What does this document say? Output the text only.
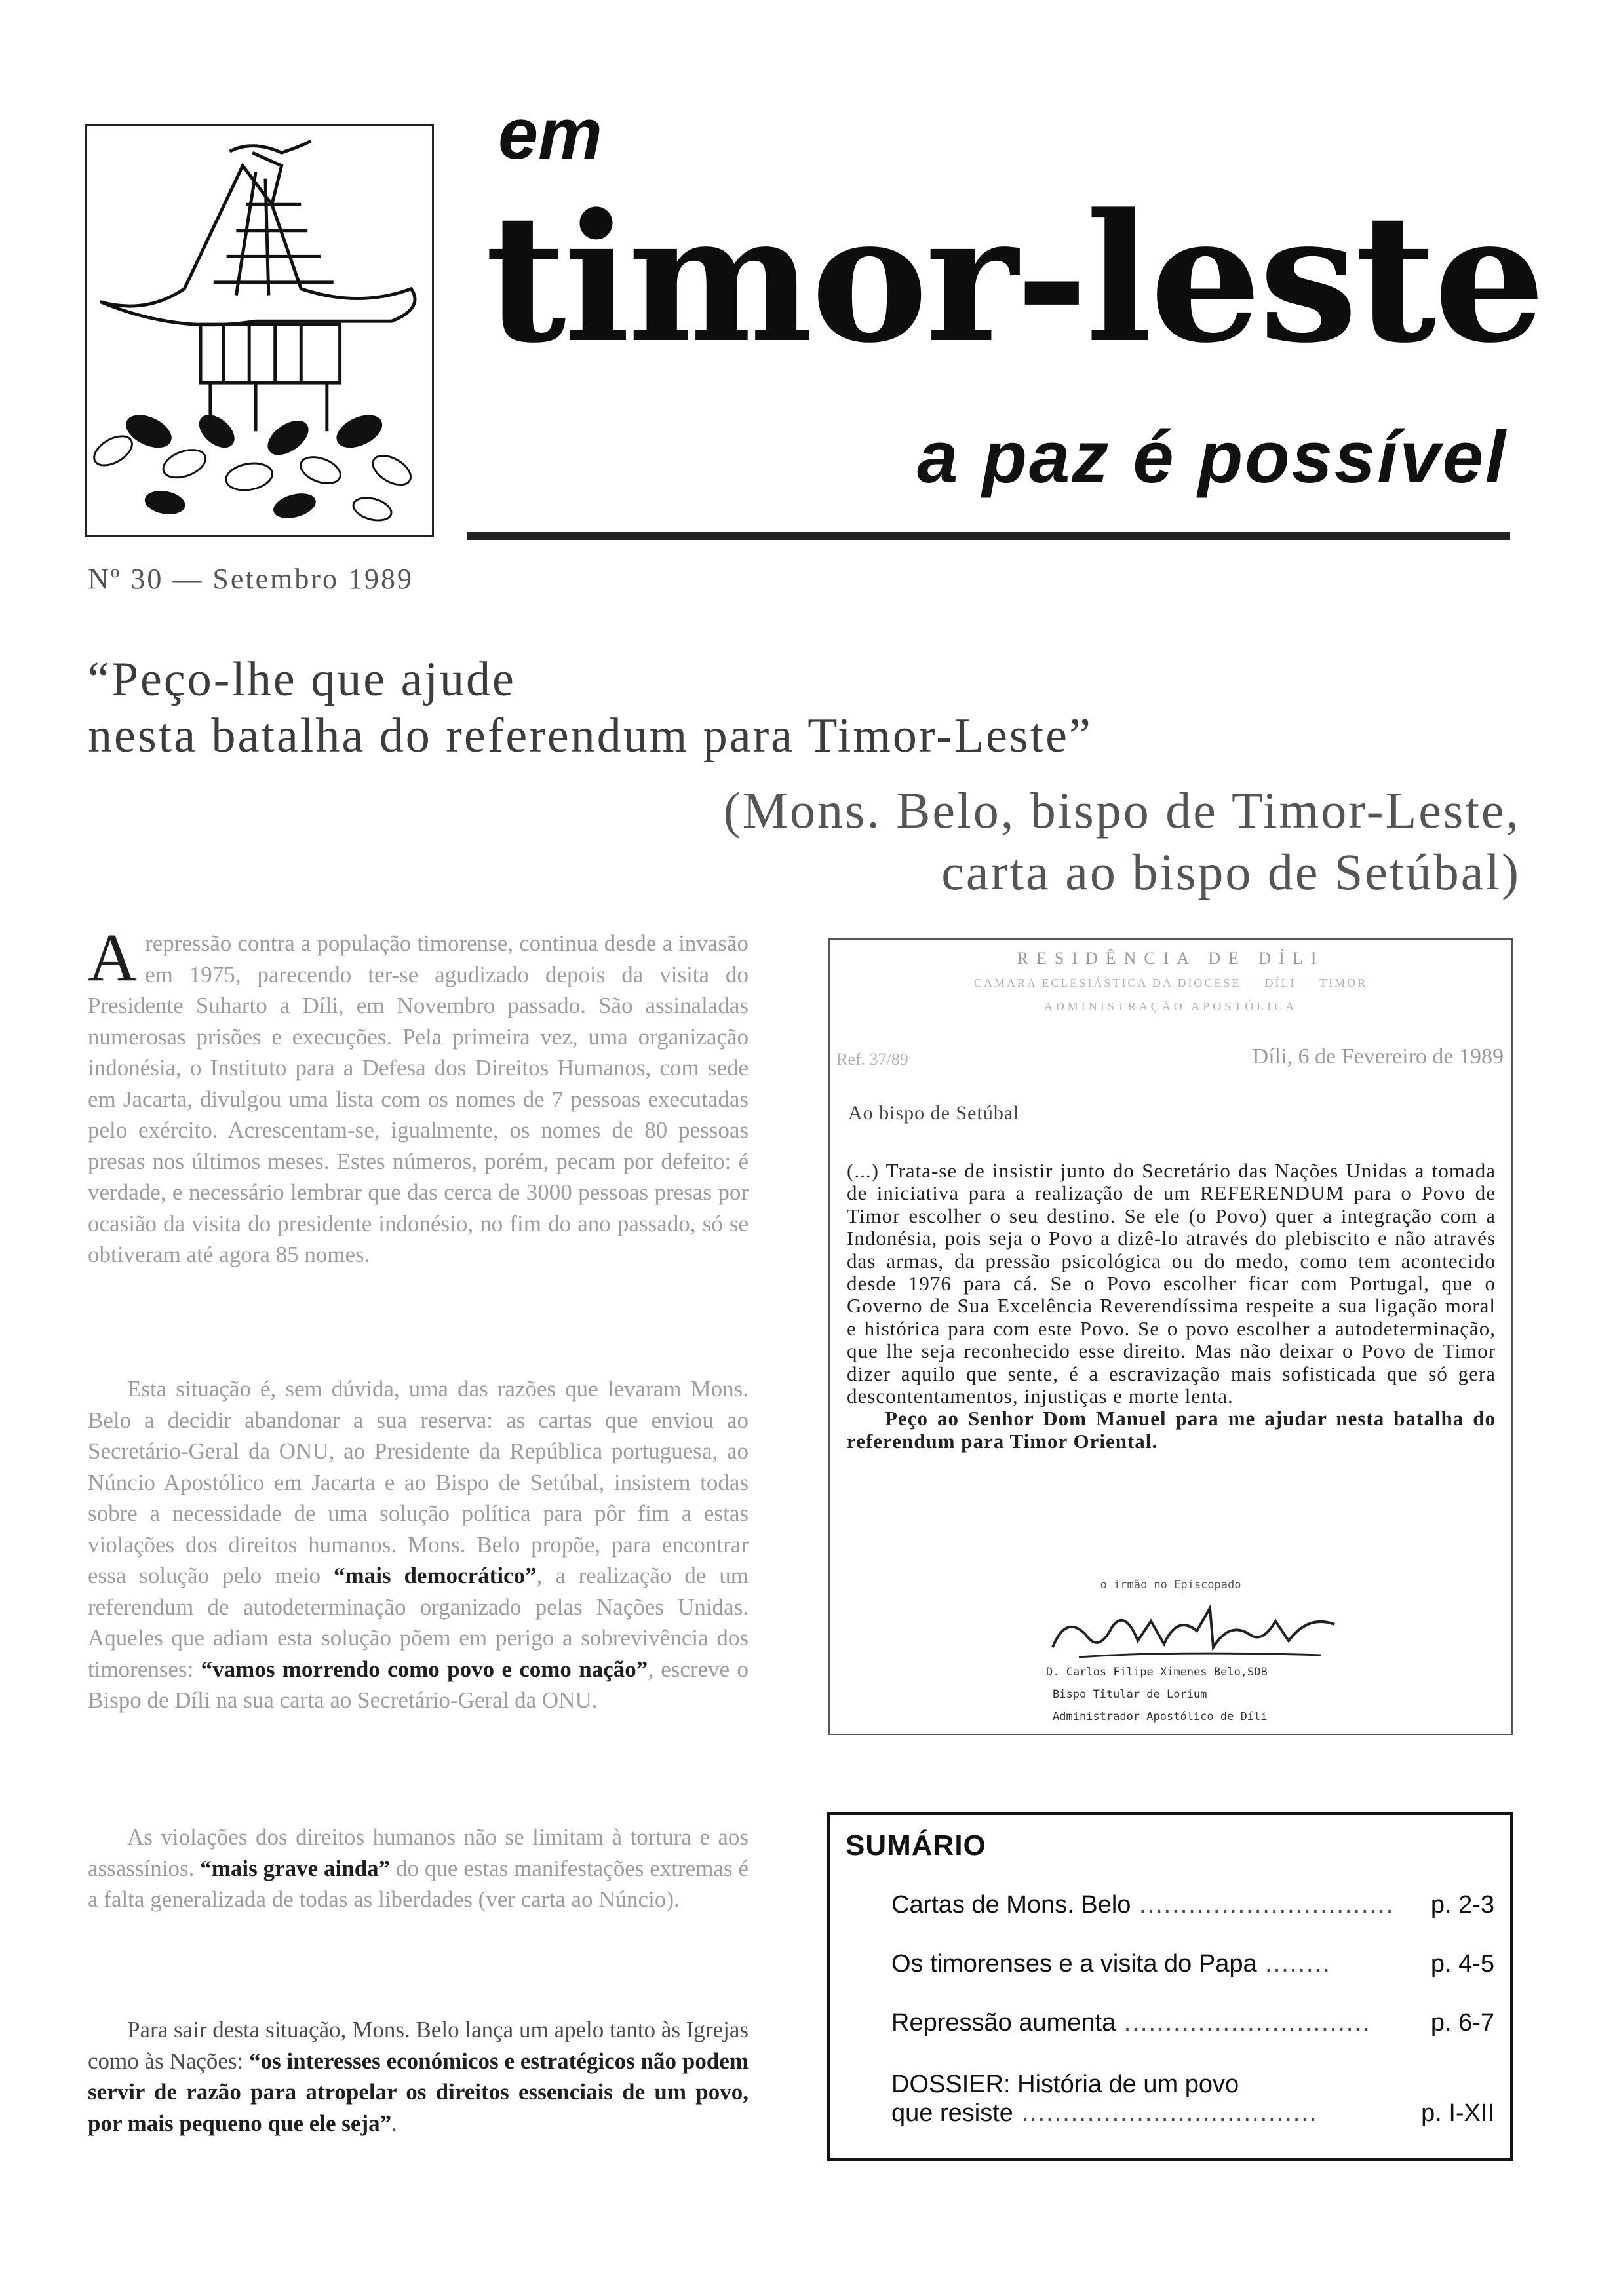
em
timor-leste
a paz é possível
Nº 30 — Setembro 1989
“Peço-lhe que ajude
nesta batalha do referendum para Timor-Leste”
(Mons. Belo, bispo de Timor-Leste,
carta ao bispo de Setúbal)

Arepressão contra a população timorense, continua desde a invasão em 1975, parecendo ter-se agudizado depois da visita do Presidente Suharto a Díli, em Novembro passado. São assinaladas numerosas prisões e execuções. Pela primeira vez, uma organização indonésia, o Instituto para a Defesa dos Direitos Humanos, com sede em Jacarta, divulgou uma lista com os nomes de 7 pessoas executadas pelo exército. Acrescentam-se, igualmente, os nomes de 80 pessoas presas nos últimos meses. Estes números, porém, pecam por defeito: é verdade, e necessário lembrar que das cerca de 3000 pessoas presas por ocasião da visita do presidente indonésio, no fim do ano passado, só se obtiveram até agora 85 nomes.

Esta situação é, sem dúvida, uma das razões que levaram Mons. Belo a decidir abandonar a sua reserva: as cartas que enviou ao Secretário-Geral da ONU, ao Presidente da República portuguesa, ao Núncio Apostólico em Jacarta e ao Bispo de Setúbal, insistem todas sobre a necessidade de uma solução política para pôr fim a estas violações dos direitos humanos. Mons. Belo propõe, para encontrar essa solução pelo meio “mais democrático”, a realização de um referendum de autodeterminação organizado pelas Nações Unidas. Aqueles que adiam esta solução põem em perigo a sobrevivência dos timorenses: “vamos morrendo como povo e como nação”, escreve o Bispo de Díli na sua carta ao Secretário-Geral da ONU.

As violações dos direitos humanos não se limitam à tortura e aos assassínios. “mais grave ainda” do que estas manifestações extremas é a falta generalizada de todas as liberdades (ver carta ao Núncio).

Para sair desta situação, Mons. Belo lança um apelo tanto às Igrejas como às Nações: “os interesses económicos e estratégicos não podem servir de razão para atropelar os direitos essenciais de um povo, por mais pequeno que ele seja”.

RESIDÊNCIA DE DÍLI
CAMARA ECLESIÁSTICA DA DIOCESE — DÍLI — TIMOR
ADMINISTRAÇÃO APOSTÓLICA
Ref. 37/89	Díli, 6 de Fevereiro de 1989
Ao bispo de Setúbal

(...) Trata-se de insistir junto do Secretário das Nações Unidas a tomada de iniciativa para a realização de um REFERENDUM para o Povo de Timor escolher o seu destino. Se ele (o Povo) quer a integração com a Indonésia, pois seja o Povo a dizê-lo através do plebiscito e não através das armas, da pressão psicológica ou do medo, como tem acontecido desde 1976 para cá. Se o Povo escolher ficar com Portugal, que o Governo de Sua Excelência Reverendíssima respeite a sua ligação moral e histórica para com este Povo. Se o povo escolher a autodeterminação, que lhe seja reconhecido esse direito. Mas não deixar o Povo de Timor dizer aquilo que sente, é a escravização mais sofisticada que só gera descontentamentos, injustiças e morte lenta.

Peço ao Senhor Dom Manuel para me ajudar nesta batalha do referendum para Timor Oriental.

o irmão no Episcopado
D. Carlos Filipe Ximenes Belo,SDB
Bispo Titular de Lorium
Administrador Apostólico de Díli
SUMÁRIO
Cartas de Mons. Belo ............................... p. 2-3
Os timorenses e a visita do Papa ........	p. 4-5
Repressão aumenta .............................. p. 6-7
DOSSIER: História de um povo
que resiste ....................................	p. I-XII
